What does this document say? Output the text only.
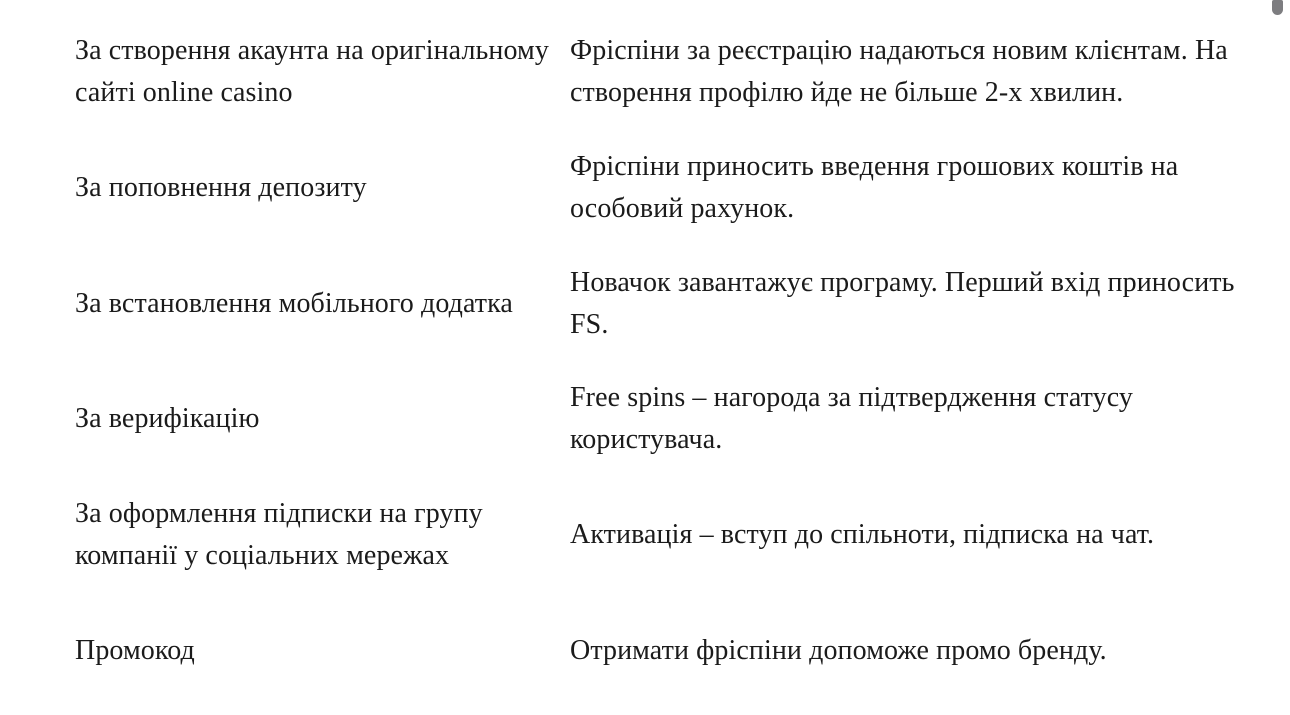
За створення акаунта на оригінальному сайті online casino
Фріспіни за реєстрацію надаються новим клієнтам. На створення профілю йде не більше 2-х хвилин.
За поповнення депозиту
Фріспіни приносить введення грошових коштів на особовий рахунок.
За встановлення мобільного додатка
Новачок завантажує програму. Перший вхід приносить FS.
За верифікацію
Free spins – нагорода за підтвердження статусу користувача.
За оформлення підписки на групу компанії у соціальних мережах
Активація – вступ до спільноти, підписка на чат.
Промокод	Отримати фріспіни допоможе промо бренду.
